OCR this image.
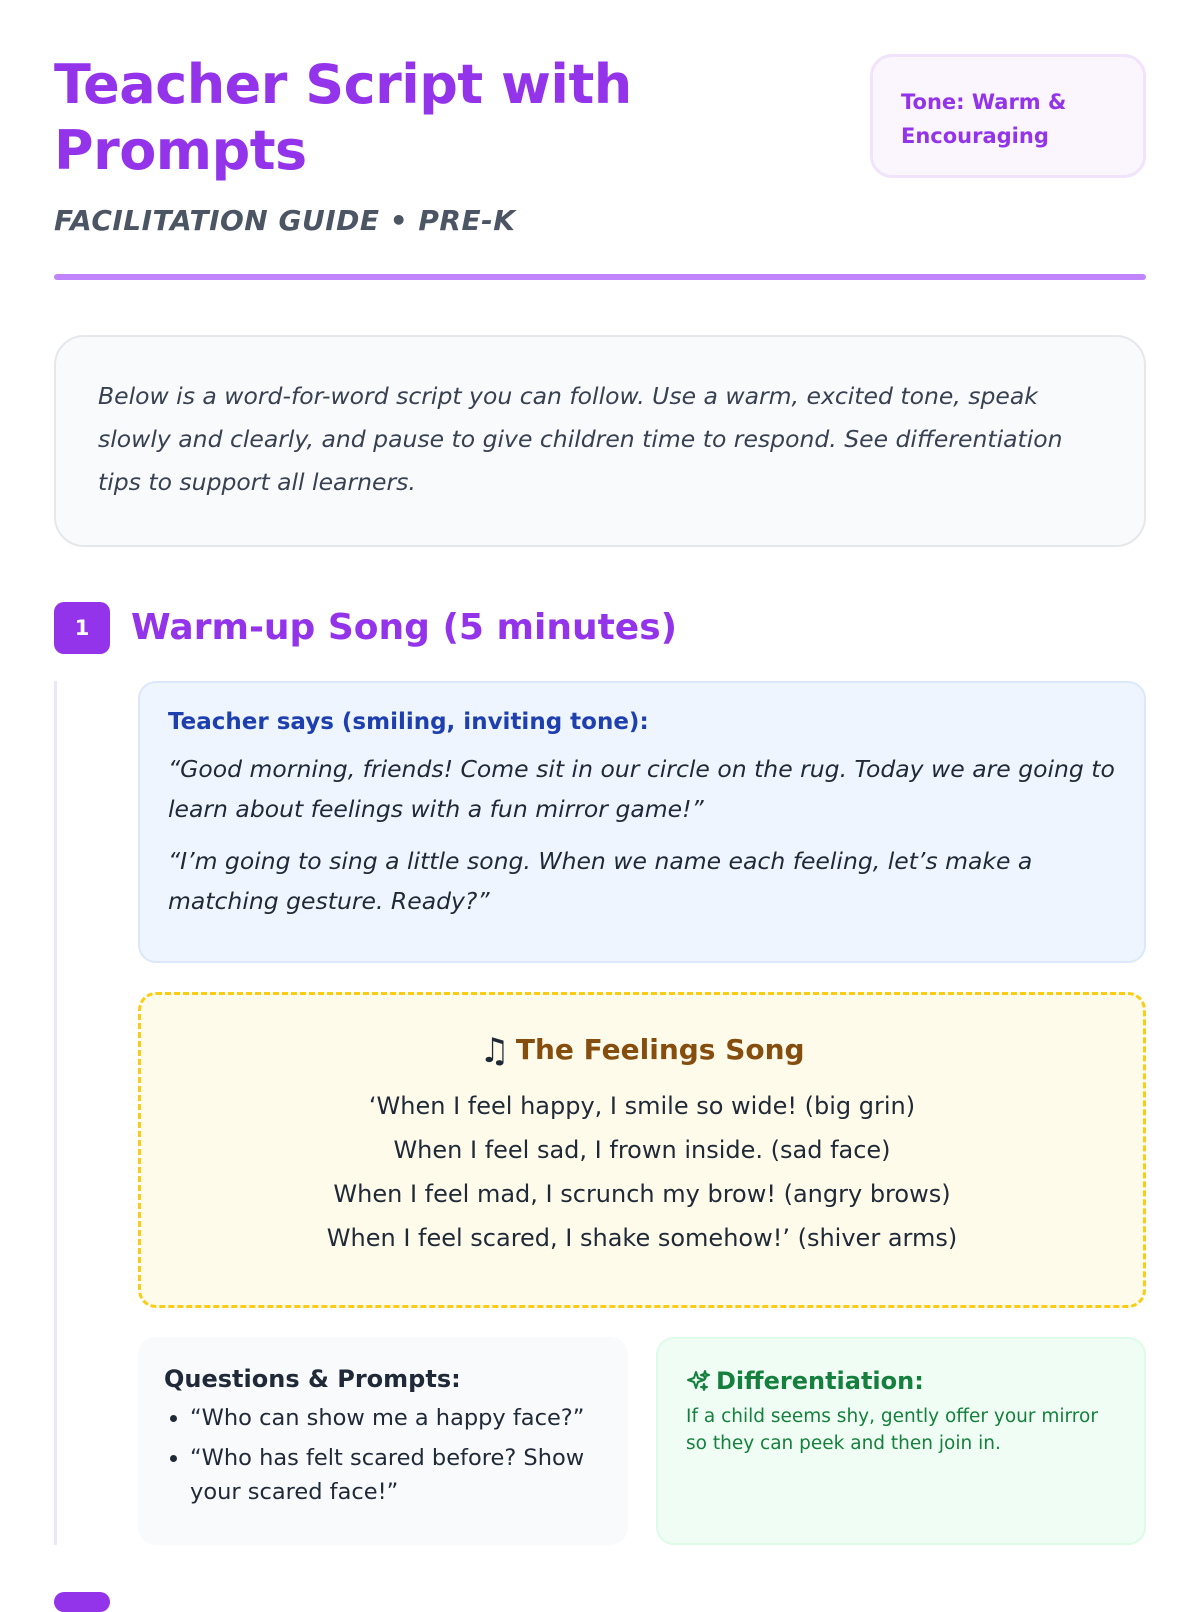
Teacher Script with Prompts

FACILITATION GUIDE • PRE-K

Tone: Warm & Encouraging
Below is a word-for-word script you can follow. Use a warm, excited tone, speak slowly and clearly, and pause to give children time to respond. See differentiation tips to support all learners.
1	Warm-up Song (5 minutes)

Teacher says (smiling, inviting tone):

“Good morning, friends! Come sit in our circle on the rug. Today we are going to learn about feelings with a fun mirror game!”

“I’m going to sing a little song. When we name each feeling, let’s make a matching gesture. Ready?”

♫ The Feelings Song

‘When I feel happy, I smile so wide! (big grin)

When I feel sad, I frown inside. (sad face)

When I feel mad, I scrunch my brow! (angry brows)

When I feel scared, I shake somehow!’ (shiver arms)

Questions & Prompts:

• “Who can show me a happy face?”
• “Who has felt scared before? Show your scared face!”

Differentiation:

If a child seems shy, gently offer your mirror so they can peek and then join in.
